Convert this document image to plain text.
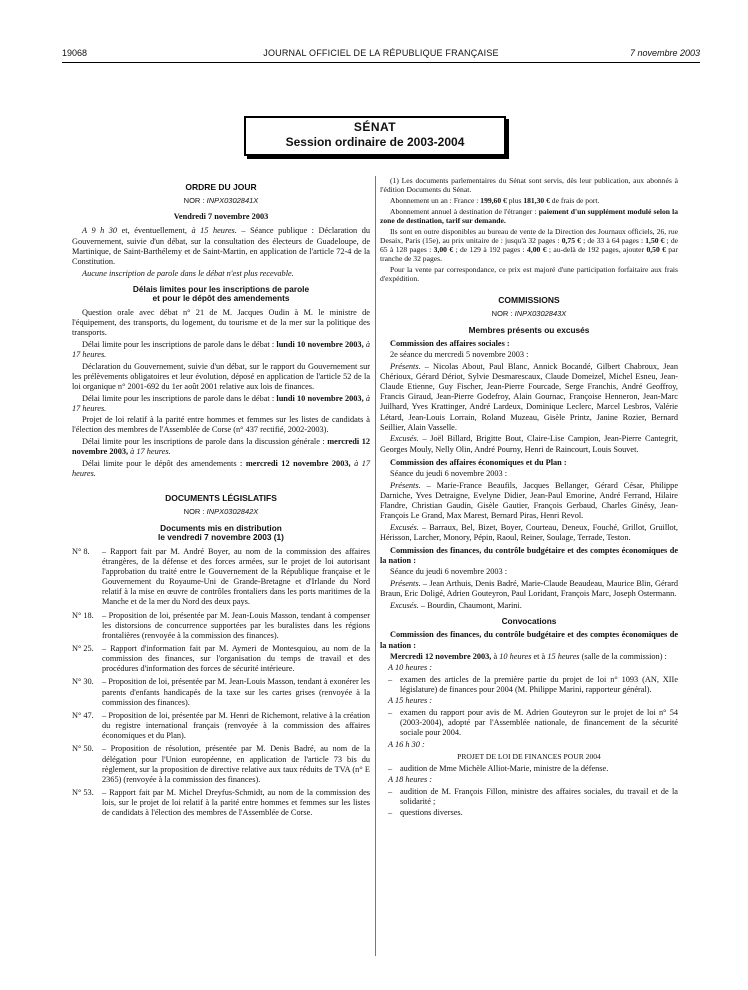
19068	JOURNAL OFFICIEL DE LA RÉPUBLIQUE FRANÇAISE	7 novembre 2003
SÉNAT
Session ordinaire de 2003-2004
ORDRE DU JOUR
NOR : INPX0302841X
Vendredi 7 novembre 2003

A 9 h 30 et, éventuellement, à 15 heures. – Séance publique : Déclaration du Gouvernement, suivie d'un débat, sur la consultation des électeurs de Guadeloupe, de Martinique, de Saint-Barthélemy et de Saint-Martin, en application de l'article 72-4 de la Constitution.

Aucune inscription de parole dans le débat n'est plus recevable.

Délais limites pour les inscriptions de parole
et pour le dépôt des amendements

Question orale avec débat n° 21 de M. Jacques Oudin à M. le ministre de l'équipement, des transports, du logement, du tourisme et de la mer sur la politique des transports.

Délai limite pour les inscriptions de parole dans le débat : lundi 10 novembre 2003, à 17 heures.

Déclaration du Gouvernement, suivie d'un débat, sur le rapport du Gouvernement sur les prélèvements obligatoires et leur évolution, déposé en application de l'article 52 de la loi organique n° 2001-692 du 1er août 2001 relative aux lois de finances.

Délai limite pour les inscriptions de parole dans le débat : lundi 10 novembre 2003, à 17 heures.

Projet de loi relatif à la parité entre hommes et femmes sur les listes de candidats à l'élection des membres de l'Assemblée de Corse (n° 437 rectifié, 2002-2003).

Délai limite pour les inscriptions de parole dans la discussion générale : mercredi 12 novembre 2003, à 17 heures.

Délai limite pour le dépôt des amendements : mercredi 12 novembre 2003, à 17 heures.

DOCUMENTS LÉGISLATIFS
NOR : INPX0302842X
Documents mis en distribution
le vendredi 7 novembre 2003 (1)
N° 8. – Rapport fait par M. André Boyer, au nom de la commission des affaires étrangères, de la défense et des forces armées, sur le projet de loi autorisant l'approbation du traité entre le Gouvernement de la République française et le Gouvernement du Royaume-Uni de Grande-Bretagne et d'Irlande du Nord relatif à la mise en œuvre de contrôles frontaliers dans les ports maritimes de la Manche et de la mer du Nord des deux pays.
N° 18. – Proposition de loi, présentée par M. Jean-Louis Masson, tendant à compenser les distorsions de concurrence supportées par les buralistes dans les régions frontalières (renvoyée à la commission des finances).
N° 25. – Rapport d'information fait par M. Aymeri de Montesquiou, au nom de la commission des finances, sur l'organisation du temps de travail et des procédures d'information des forces de sécurité intérieure.
N° 30. – Proposition de loi, présentée par M. Jean-Louis Masson, tendant à exonérer les parents d'enfants handicapés de la taxe sur les cartes grises (renvoyée à la commission des finances).
N° 47. – Proposition de loi, présentée par M. Henri de Richemont, relative à la création du registre international français (renvoyée à la commission des affaires économiques et du Plan).
N° 50. – Proposition de résolution, présentée par M. Denis Badré, au nom de la délégation pour l'Union européenne, en application de l'article 73 bis du règlement, sur la proposition de directive relative aux taux réduits de TVA (n° E 2365) (renvoyée à la commission des finances).
N° 53. – Rapport fait par M. Michel Dreyfus-Schmidt, au nom de la commission des lois, sur le projet de loi relatif à la parité entre hommes et femmes sur les listes de candidats à l'élection des membres de l'Assemblée de Corse.

(1) Les documents parlementaires du Sénat sont servis, dès leur publication, aux abonnés à l'édition Documents du Sénat.

Abonnement un an : France : 199,60 € plus 181,30 € de frais de port.

Abonnement annuel à destination de l'étranger : paiement d'un supplément modulé selon la zone de destination, tarif sur demande.

Ils sont en outre disponibles au bureau de vente de la Direction des Journaux officiels, 26, rue Desaix, Paris (15e), au prix unitaire de : jusqu'à 32 pages : 0,75 € ; de 33 à 64 pages : 1,50 € ; de 65 à 128 pages : 3,00 € ; de 129 à 192 pages : 4,00 € ; au-delà de 192 pages, ajouter 0,50 € par tranche de 32 pages.

Pour la vente par correspondance, ce prix est majoré d'une participation forfaitaire aux frais d'expédition.

COMMISSIONS
NOR : INPX0302843X
Membres présents ou excusés

Commission des affaires sociales :

2e séance du mercredi 5 novembre 2003 :

Présents. – Nicolas About, Paul Blanc, Annick Bocandé, Gilbert Chabroux, Jean Chérioux, Gérard Dériot, Sylvie Desmarescaux, Claude Domeizel, Michel Esneu, Jean-Claude Etienne, Guy Fischer, Jean-Pierre Fourcade, Serge Franchis, André Geoffroy, Francis Giraud, Jean-Pierre Godefroy, Alain Gournac, Françoise Henneron, Jean-Marc Juilhard, Yves Krattinger, André Lardeux, Dominique Leclerc, Marcel Lesbros, Valérie Létard, Jean-Louis Lorrain, Roland Muzeau, Gisèle Printz, Janine Rozier, Bernard Seillier, Alain Vasselle.

Excusés. – Joël Billard, Brigitte Bout, Claire-Lise Campion, Jean-Pierre Cantegrit, Georges Mouly, Nelly Olin, André Pourny, Henri de Raincourt, Louis Souvet.

Commission des affaires économiques et du Plan :

Séance du jeudi 6 novembre 2003 :

Présents. – Marie-France Beaufils, Jacques Bellanger, Gérard César, Philippe Darniche, Yves Detraigne, Evelyne Didier, Jean-Paul Emorine, André Ferrand, Hilaire Flandre, Christian Gaudin, Gisèle Gautier, François Gerbaud, Charles Ginésy, Jean-François Le Grand, Max Marest, Bernard Piras, Henri Revol.

Excusés. – Barraux, Bel, Bizet, Boyer, Courteau, Deneux, Fouché, Grillot, Gruillot, Hérisson, Larcher, Monory, Pépin, Raoul, Reiner, Soulage, Terrade, Teston.

Commission des finances, du contrôle budgétaire et des comptes économiques de la nation :

Séance du jeudi 6 novembre 2003 :

Présents. – Jean Arthuis, Denis Badré, Marie-Claude Beaudeau, Maurice Blin, Gérard Braun, Eric Doligé, Adrien Gouteyron, Paul Loridant, François Marc, Joseph Ostermann.

Excusés. – Bourdin, Chaumont, Marini.

Convocations

Commission des finances, du contrôle budgétaire et des comptes économiques de la nation :

Mercredi 12 novembre 2003, à 10 heures et à 15 heures (salle de la commission) :

A 10 heures :

– examen des articles de la première partie du projet de loi n° 1093 (AN, XIIe législature) de finances pour 2004 (M. Philippe Marini, rapporteur général).

A 15 heures :

– examen du rapport pour avis de M. Adrien Gouteyron sur le projet de loi n° 54 (2003-2004), adopté par l'Assemblée nationale, de financement de la sécurité sociale pour 2004.

A 16 h 30 :

PROJET DE LOI DE FINANCES POUR 2004

– audition de Mme Michèle Alliot-Marie, ministre de la défense.

A 18 heures :

– audition de M. François Fillon, ministre des affaires sociales, du travail et de la solidarité ;
– questions diverses.
